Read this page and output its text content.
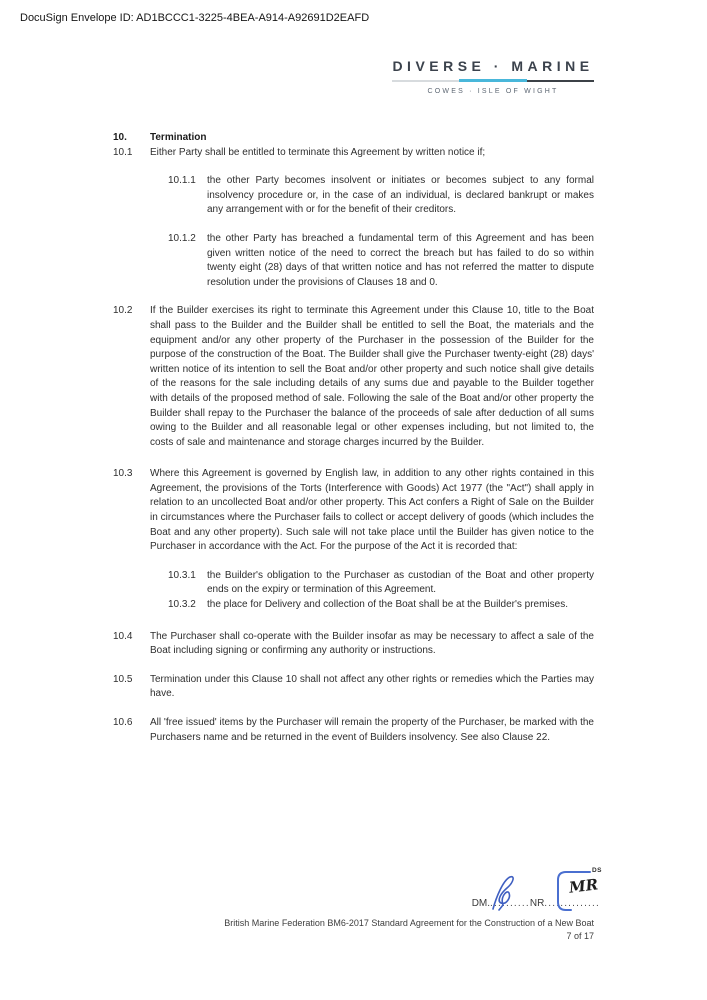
DocuSign Envelope ID: AD1BCCC1-3225-4BEA-A914-A92691D2EAFD
DIVERSE · MARINE
COWES · ISLE OF WIGHT
10.	Termination
10.1	Either Party shall be entitled to terminate this Agreement by written notice if;
10.1.1	the other Party becomes insolvent or initiates or becomes subject to any formal insolvency procedure or, in the case of an individual, is declared bankrupt or makes any arrangement with or for the benefit of their creditors.
10.1.2	the other Party has breached a fundamental term of this Agreement and has been given written notice of the need to correct the breach but has failed to do so within twenty eight (28) days of that written notice and has not referred the matter to dispute resolution under the provisions of Clauses 18 and 0.
10.2	If the Builder exercises its right to terminate this Agreement under this Clause 10, title to the Boat shall pass to the Builder and the Builder shall be entitled to sell the Boat, the materials and the equipment and/or any other property of the Purchaser in the possession of the Builder for the purpose of the construction of the Boat. The Builder shall give the Purchaser twenty-eight (28) days' written notice of its intention to sell the Boat and/or other property and such notice shall give details of the reasons for the sale including details of any sums due and payable to the Builder together with details of the proposed method of sale. Following the sale of the Boat and/or other property the Builder shall repay to the Purchaser the balance of the proceeds of sale after deduction of all sums owing to the Builder and all reasonable legal or other expenses including, but not limited to, the costs of sale and maintenance and storage charges incurred by the Builder.
10.3	Where this Agreement is governed by English law, in addition to any other rights contained in this Agreement, the provisions of the Torts (Interference with Goods) Act 1977 (the "Act") shall apply in relation to an uncollected Boat and/or other property. This Act confers a Right of Sale on the Builder in circumstances where the Purchaser fails to collect or accept delivery of goods (which includes the Boat and any other property). Such sale will not take place until the Builder has given notice to the Purchaser in accordance with the Act. For the purpose of the Act it is recorded that:
10.3.1	the Builder's obligation to the Purchaser as custodian of the Boat and other property ends on the expiry or termination of this Agreement.
10.3.2	the place for Delivery and collection of the Boat shall be at the Builder's premises.
10.4	The Purchaser shall co-operate with the Builder insofar as may be necessary to affect a sale of the Boat including signing or confirming any authority or instructions.
10.5	Termination under this Clause 10 shall not affect any other rights or remedies which the Parties may have.
10.6	All 'free issued' items by the Purchaser will remain the property of the Purchaser, be marked with the Purchasers name and be returned in the event of Builders insolvency. See also Clause 22.
DM. .......... NR ..............
DS
MR
British Marine Federation BM6-2017 Standard Agreement for the Construction of a New Boat
7 of 17
